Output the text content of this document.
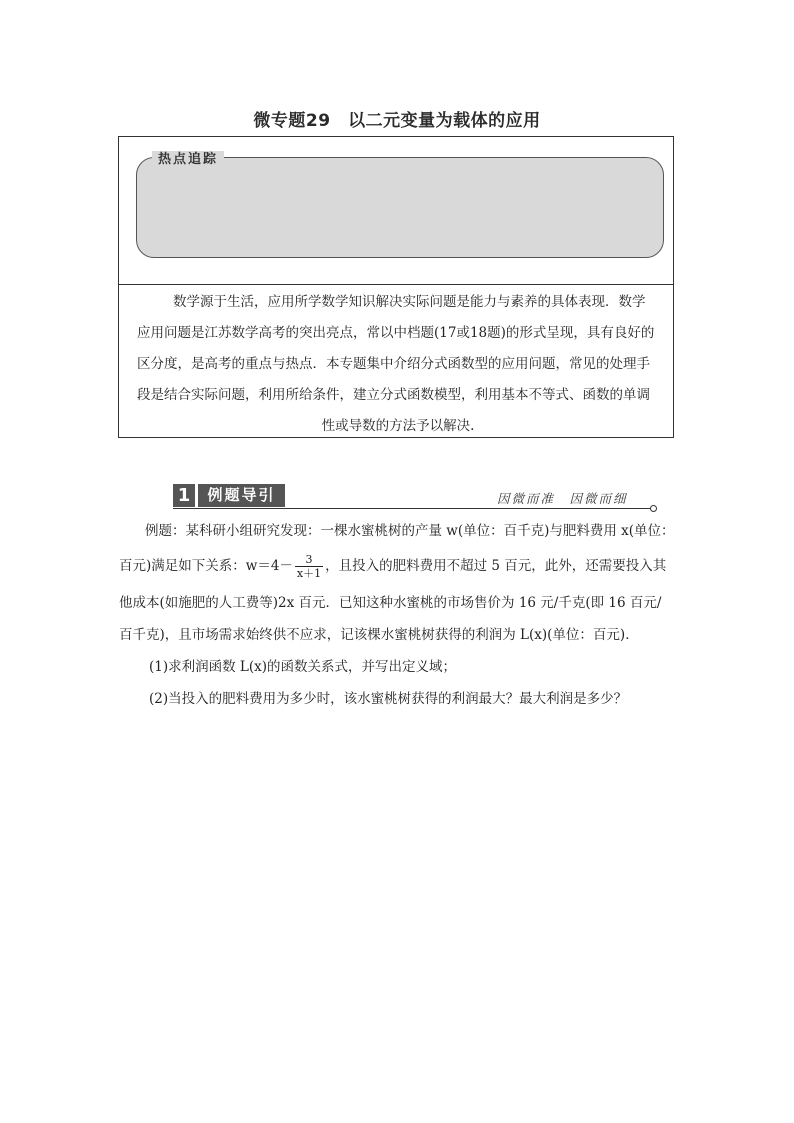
微专题29　以二元变量为载体的应用
热点追踪
数学源于生活，应用所学数学知识解决实际问题是能力与素养的具体表现．数学
应用问题是江苏数学高考的突出亮点，常以中档题(17或18题)的形式呈现，具有良好的
区分度，是高考的重点与热点．本专题集中介绍分式函数型的应用问题，常见的处理手
段是结合实际问题，利用所给条件，建立分式函数模型，利用基本不等式、函数的单调
性或导数的方法予以解决.
1	例题导引	因微而准　因微而细
例题：某科研小组研究发现：一棵水蜜桃树的产量 w(单位：百千克)与肥料费用 x(单位：
百元)满足如下关系：$w=4- \frac{3}{x+1}$ ，且投入的肥料费用不超过 5 百元，此外，还需要投入其
他成本(如施肥的人工费等)2x 百元．已知这种水蜜桃的市场售价为 16 元/千克(即 16 百元/
百千克)，且市场需求始终供不应求，记该棵水蜜桃树获得的利润为 L(x)(单位：百元)．
(1)求利润函数 L(x)的函数关系式，并写出定义域；
(2)当投入的肥料费用为多少时，该水蜜桃树获得的利润最大？最大利润是多少？
